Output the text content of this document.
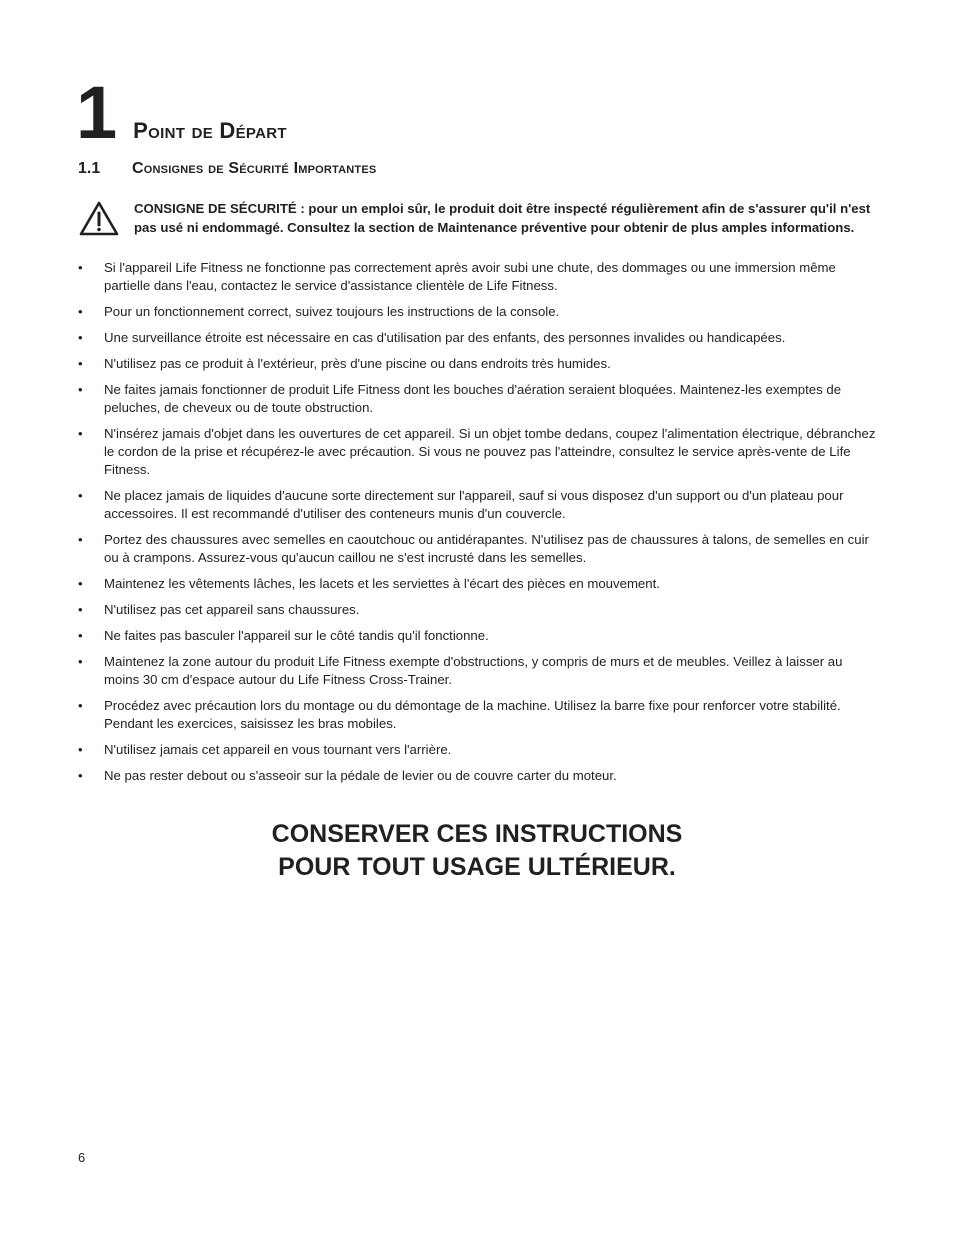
1 Point de Départ
1.1	Consignes de Sécurité Importantes
CONSIGNE DE SÉCURITÉ : pour un emploi sûr, le produit doit être inspecté régulièrement afin de s'assurer qu'il n'est pas usé ni endommagé. Consultez la section de Maintenance préventive pour obtenir de plus amples informations.
• Si l'appareil Life Fitness ne fonctionne pas correctement après avoir subi une chute, des dommages ou une immersion même partielle dans l'eau, contactez le service d'assistance clientèle de Life Fitness.
• Pour un fonctionnement correct, suivez toujours les instructions de la console.
• Une surveillance étroite est nécessaire en cas d'utilisation par des enfants, des personnes invalides ou handicapées.
• N'utilisez pas ce produit à l'extérieur, près d'une piscine ou dans endroits très humides.
• Ne faites jamais fonctionner de produit Life Fitness dont les bouches d'aération seraient bloquées. Maintenez-les exemptes de peluches, de cheveux ou de toute obstruction.
• N'insérez jamais d'objet dans les ouvertures de cet appareil. Si un objet tombe dedans, coupez l'alimentation électrique, débranchez le cordon de la prise et récupérez-le avec précaution. Si vous ne pouvez pas l'atteindre, consultez le service après-vente de Life Fitness.
• Ne placez jamais de liquides d'aucune sorte directement sur l'appareil, sauf si vous disposez d'un support ou d'un plateau pour accessoires. Il est recommandé d'utiliser des conteneurs munis d'un couvercle.
• Portez des chaussures avec semelles en caoutchouc ou antidérapantes. N'utilisez pas de chaussures à talons, de semelles en cuir ou à crampons. Assurez-vous qu'aucun caillou ne s'est incrusté dans les semelles.
• Maintenez les vêtements lâches, les lacets et les serviettes à l'écart des pièces en mouvement.
• N'utilisez pas cet appareil sans chaussures.
• Ne faites pas basculer l'appareil sur le côté tandis qu'il fonctionne.
• Maintenez la zone autour du produit Life Fitness exempte d'obstructions, y compris de murs et de meubles. Veillez à laisser au moins 30 cm d'espace autour du Life Fitness Cross-Trainer.
• Procédez avec précaution lors du montage ou du démontage de la machine. Utilisez la barre fixe pour renforcer votre stabilité. Pendant les exercices, saisissez les bras mobiles.
• N'utilisez jamais cet appareil en vous tournant vers l'arrière.
• Ne pas rester debout ou s'asseoir sur la pédale de levier ou de couvre carter du moteur.
CONSERVER CES INSTRUCTIONS
POUR TOUT USAGE ULTÉRIEUR.
6
